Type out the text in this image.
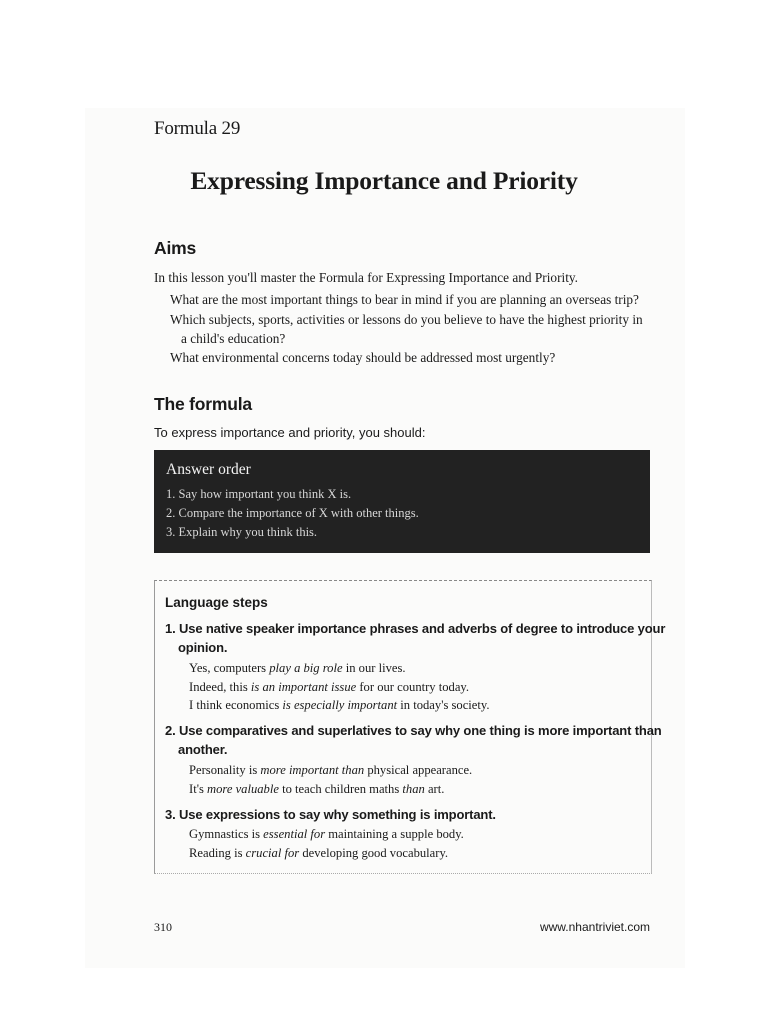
Formula 29
Expressing Importance and Priority
Aims
In this lesson you'll master the Formula for Expressing Importance and Priority.
What are the most important things to bear in mind if you are planning an overseas trip?
Which subjects, sports, activities or lessons do you believe to have the highest priority in
a child's education?
What environmental concerns today should be addressed most urgently?
The formula
To express importance and priority, you should:
Answer order
1. Say how important you think X is.
2. Compare the importance of X with other things.
3. Explain why you think this.
Language steps
1. Use native speaker importance phrases and adverbs of degree to introduce your
opinion.
Yes, computers play a big role in our lives.
Indeed, this is an important issue for our country today.
I think economics is especially important in today's society.
2. Use comparatives and superlatives to say why one thing is more important than
another.
Personality is more important than physical appearance.
It's more valuable to teach children maths than art.
3. Use expressions to say why something is important.
Gymnastics is essential for maintaining a supple body.
Reading is crucial for developing good vocabulary.
310	www.nhantriviet.com
